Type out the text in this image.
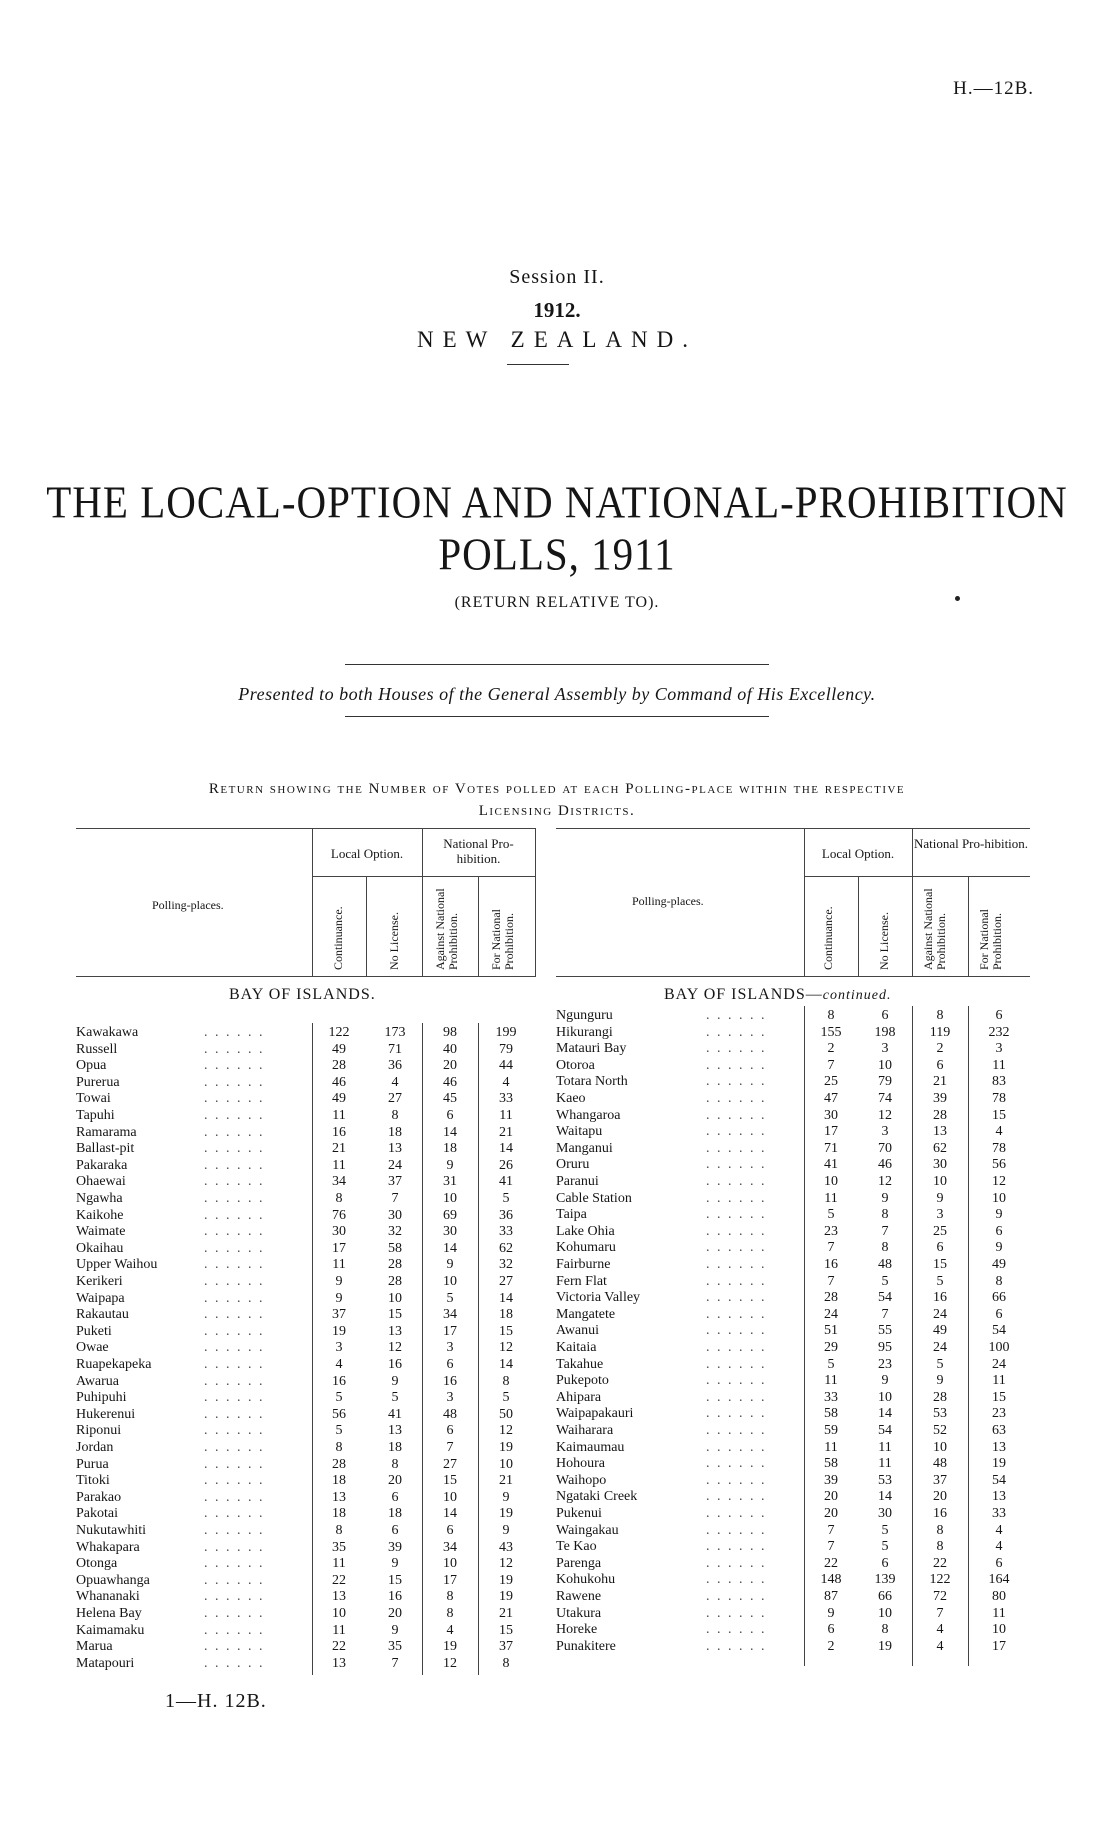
H.—12B.
Session II.
1912.
NEW ZEALAND.
THE LOCAL-OPTION AND NATIONAL-PROHIBITION
POLLS, 1911
(RETURN RELATIVE TO).
Presented to both Houses of the General Assembly by Command of His Excellency.
Return showing the Number of Votes polled at each Polling-place within the respective
Licensing Districts.
Local Option.
National Pro-hibition.
Polling-places.
Continuance.	No License.	Against National Prohibition. For National Prohibition.
BAY OF ISLANDS.
Kawakawa	. . . . . .	122	173	98	199
Russell	. . . . . .	49	71	40	79
Opua	. . . . . .	28	36	20	44
Purerua	. . . . . .	46	4	46	4
Towai	. . . . . .	49	27	45	33
Tapuhi	. . . . . .	11	8	6	11
Ramarama	. . . . . .	16	18	14	21
Ballast-pit	. . . . . .	21	13	18	14
Pakaraka	. . . . . .	11	24	9	26
Ohaewai	. . . . . .	34	37	31	41
Ngawha	. . . . . .	8	7	10	5
Kaikohe	. . . . . .	76	30	69	36
Waimate	. . . . . .	30	32	30	33
Okaihau	. . . . . .	17	58	14	62
Upper Waihou	. . . . . .	11	28	9	32
Kerikeri	. . . . . .	9	28	10	27
Waipapa	. . . . . .	9	10	5	14
Rakautau	. . . . . .	37	15	34	18
Puketi	. . . . . .	19	13	17	15
Owae	. . . . . .	3	12	3	12
Ruapekapeka	. . . . . .	4	16	6	14
Awarua	. . . . . .	16	9	16	8
Puhipuhi	. . . . . .	5	5	3	5
Hukerenui	. . . . . .	56	41	48	50
Riponui	. . . . . .	5	13	6	12
Jordan	. . . . . .	8	18	7	19
Purua	. . . . . .	28	8	27	10
Titoki	. . . . . .	18	20	15	21
Parakao	. . . . . .	13	6	10	9
Pakotai	. . . . . .	18	18	14	19
Nukutawhiti	. . . . . .	8	6	6	9
Whakapara	. . . . . .	35	39	34	43
Otonga	. . . . . .	11	9	10	12
Opuawhanga	. . . . . .	22	15	17	19
Whananaki	. . . . . .	13	16	8	19
Helena Bay	. . . . . .	10	20	8	21
Kaimamaku	. . . . . .	11	9	4	15
Marua	. . . . . .	22	35	19	37
Matapouri	. . . . . .	13	7	12	8
Local Option.
National Pro-hibition.
Polling-places.
Continuance.	No License.	Against National Prohibition. For National Prohibition.
BAY OF ISLANDS—continued.
Ngunguru	. . . . . .	8	6	8	6
Hikurangi	. . . . . .	155	198	119	232
Matauri Bay	. . . . . .	2	3	2	3
Otoroa	. . . . . .	7	10	6	11
Totara North	. . . . . .	25	79	21	83
Kaeo	. . . . . .	47	74	39	78
Whangaroa	. . . . . .	30	12	28	15
Waitapu	. . . . . .	17	3	13	4
Manganui	. . . . . .	71	70	62	78
Oruru	. . . . . .	41	46	30	56
Paranui	. . . . . .	10	12	10	12
Cable Station	. . . . . .	11	9	9	10
Taipa	. . . . . .	5	8	3	9
Lake Ohia	. . . . . .	23	7	25	6
Kohumaru	. . . . . .	7	8	6	9
Fairburne	. . . . . .	16	48	15	49
Fern Flat	. . . . . .	7	5	5	8
Victoria Valley	. . . . . .	28	54	16	66
Mangatete	. . . . . .	24	7	24	6
Awanui	. . . . . .	51	55	49	54
Kaitaia	. . . . . .	29	95	24	100
Takahue	. . . . . .	5	23	5	24
Pukepoto	. . . . . .	11	9	9	11
Ahipara	. . . . . .	33	10	28	15
Waipapakauri	. . . . . .	58	14	53	23
Waiharara	. . . . . .	59	54	52	63
Kaimaumau	. . . . . .	11	11	10	13
Hohoura	. . . . . .	58	11	48	19
Waihopo	. . . . . .	39	53	37	54
Ngataki Creek	. . . . . .	20	14	20	13
Pukenui	. . . . . .	20	30	16	33
Waingakau	. . . . . .	7	5	8	4
Te Kao	. . . . . .	7	5	8	4
Parenga	. . . . . .	22	6	22	6
Kohukohu	. . . . . .	148	139	122	164
Rawene	. . . . . .	87	66	72	80
Utakura	. . . . . .	9	10	7	11
Horeke	. . . . . .	6	8	4	10
Punakitere	. . . . . .	2	19	4	17
1—H. 12B.
